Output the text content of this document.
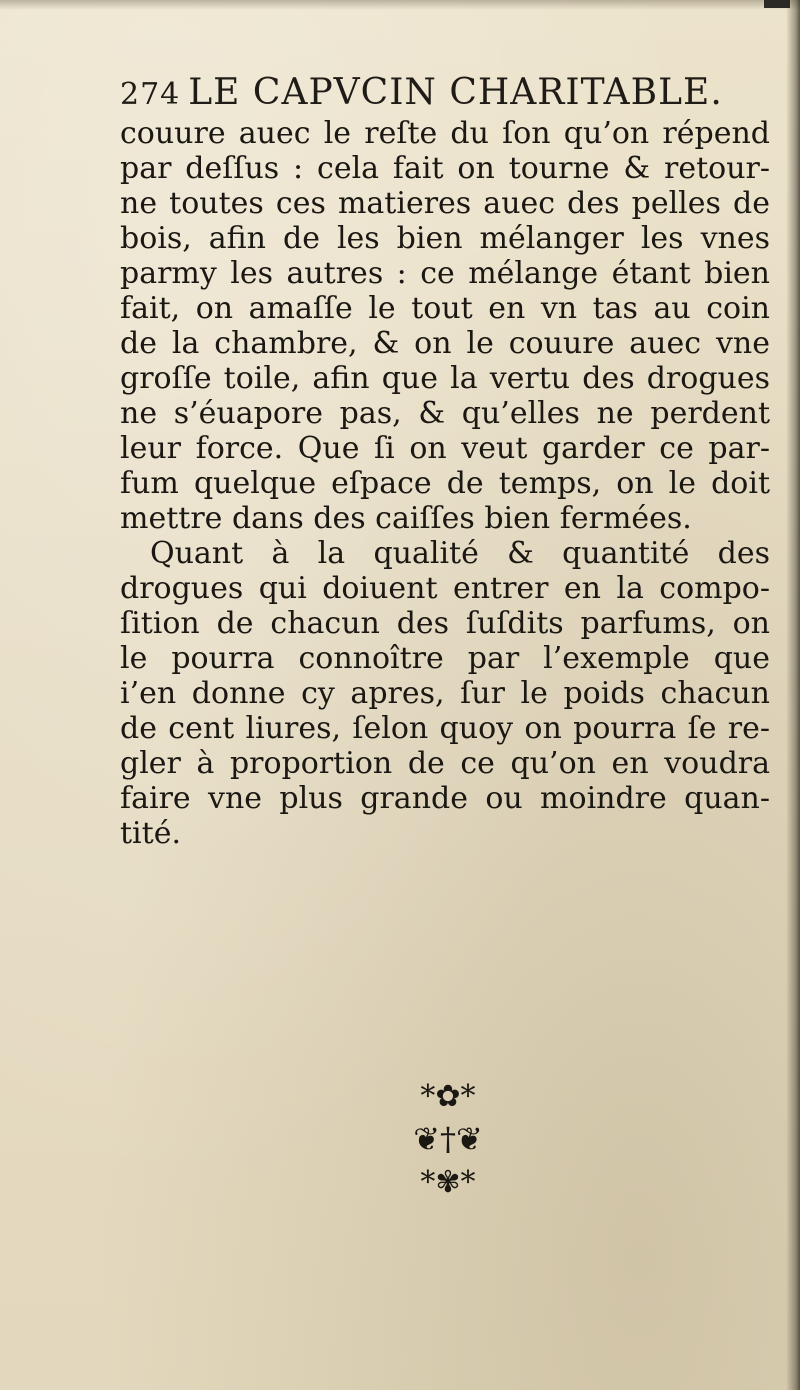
274 LE CAPVCIN CHARITABLE.
couure auec le reſte du ſon qu’on répend
par deſſus : cela fait on tourne & retour-
ne toutes ces matieres auec des pelles de
bois, afin de les bien mélanger les vnes
parmy les autres : ce mélange étant bien
fait, on amaſſe le tout en vn tas au coin
de la chambre, & on le couure auec vne
groſſe toile, afin que la vertu des drogues
ne s’éuapore pas, & qu’elles ne perdent
leur force. Que ſi on veut garder ce par-
fum quelque eſpace de temps, on le doit
mettre dans des caiſſes bien fermées.
Quant à la qualité & quantité des
drogues qui doiuent entrer en la compo-
ſition de chacun des ſuſdits parfums, on
le pourra connoître par l’exemple que
i’en donne cy apres, ſur le poids chacun
de cent liures, ſelon quoy on pourra ſe re-
gler à proportion de ce qu’on en voudra
faire vne plus grande ou moindre quan-
tité.
*✿*
❦†❦
*✾*
